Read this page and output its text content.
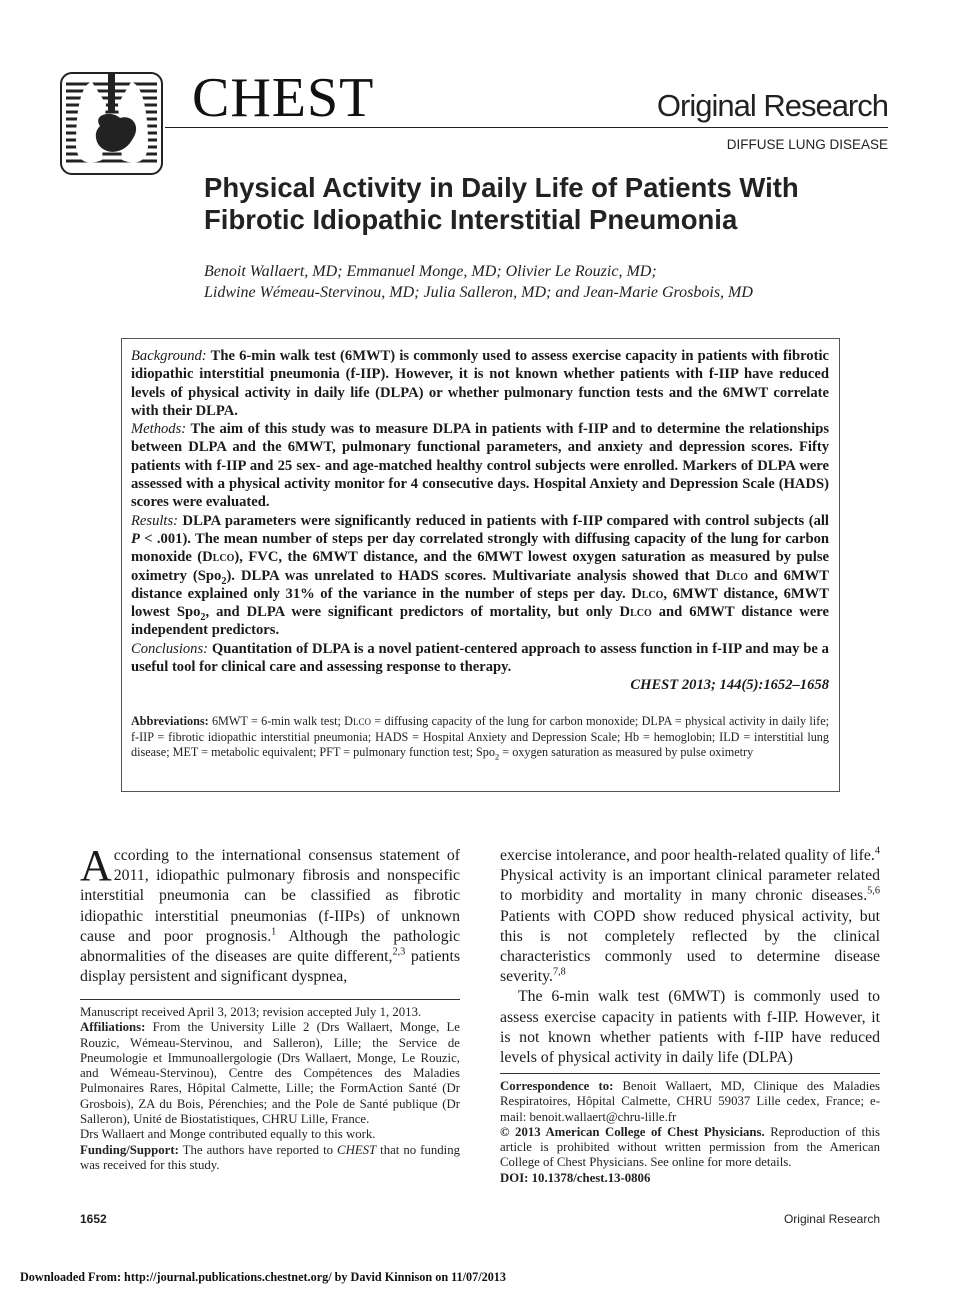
CHEST	Original Research
DIFFUSE LUNG DISEASE
Physical Activity in Daily Life of Patients With Fibrotic Idiopathic Interstitial Pneumonia
Benoit Wallaert, MD; Emmanuel Monge, MD; Olivier Le Rouzic, MD;
Lidwine Wémeau-Stervinou, MD; Julia Salleron, MD; and Jean-Marie Grosbois, MD

Background: The 6-min walk test (6MWT) is commonly used to assess exercise capacity in patients with fibrotic idiopathic interstitial pneumonia (f-IIP). However, it is not known whether patients with f-IIP have reduced levels of physical activity in daily life (DLPA) or whether pulmonary function tests and the 6MWT correlate with their DLPA.

Methods: The aim of this study was to measure DLPA in patients with f-IIP and to determine the relationships between DLPA and the 6MWT, pulmonary functional parameters, and anxiety and depression scores. Fifty patients with f-IIP and 25 sex- and age-matched healthy control subjects were enrolled. Markers of DLPA were assessed with a physical activity monitor for 4 consecutive days. Hospital Anxiety and Depression Scale (HADS) scores were evaluated.

Results: DLPA parameters were significantly reduced in patients with f-IIP compared with control subjects (all P < .001). The mean number of steps per day correlated strongly with diffusing capacity of the lung for carbon monoxide (Dlco), FVC, the 6MWT distance, and the 6MWT lowest oxygen saturation as measured by pulse oximetry (Spo$_2$). DLPA was unrelated to HADS scores. Multivariate analysis showed that Dlco and 6MWT distance explained only 31% of the variance in the number of steps per day. Dlco, 6MWT distance, 6MWT lowest Spo$_2$, and DLPA were significant predictors of mortality, but only Dlco and 6MWT distance were independent predictors.

Conclusions: Quantitation of DLPA is a novel patient-centered approach to assess function in f-IIP and may be a useful tool for clinical care and assessing response to therapy.

CHEST 2013; 144(5):1652–1658

Abbreviations: 6MWT = 6-min walk test; Dlco = diffusing capacity of the lung for carbon monoxide; DLPA = physical activity in daily life; f-IIP = fibrotic idiopathic interstitial pneumonia; HADS = Hospital Anxiety and Depression Scale; Hb = hemoglobin; ILD = interstitial lung disease; MET = metabolic equivalent; PFT = pulmonary function test; Spo$_2$ = oxygen saturation as measured by pulse oximetry

According to the international consensus statement of 2011, idiopathic pulmonary fibrosis and nonspecific interstitial pneumonia can be classified as fibrotic idiopathic interstitial pneumonias (f-IIPs) of unknown cause and poor prognosis.$^1$ Although the pathologic abnormalities of the diseases are quite different,$^{2,3}$ patients display persistent and significant dyspnea,

Manuscript received April 3, 2013; revision accepted July 1, 2013.

Affiliations: From the University Lille 2 (Drs Wallaert, Monge, Le Rouzic, Wémeau-Stervinou, and Salleron), Lille; the Service de Pneumologie et Immunoallergologie (Drs Wallaert, Monge, Le Rouzic, and Wémeau-Stervinou), Centre des Compétences des Maladies Pulmonaires Rares, Hôpital Calmette, Lille; the FormAction Santé (Dr Grosbois), ZA du Bois, Pérenchies; and the Pole de Santé publique (Dr Salleron), Unité de Biostatistiques, CHRU Lille, France.

Drs Wallaert and Monge contributed equally to this work.

Funding/Support: The authors have reported to CHEST that no funding was received for this study.

exercise intolerance, and poor health-related quality of life.$^4$ Physical activity is an important clinical parameter related to morbidity and mortality in many chronic diseases.$^{5,6}$ Patients with COPD show reduced physical activity, but this is not completely reflected by the clinical characteristics commonly used to determine disease severity.$^{7,8}$

The 6-min walk test (6MWT) is commonly used to assess exercise capacity in patients with f-IIP. However, it is not known whether patients with f-IIP have reduced levels of physical activity in daily life (DLPA)

Correspondence to: Benoit Wallaert, MD, Clinique des Maladies Respiratoires, Hôpital Calmette, CHRU 59037 Lille cedex, France; e-mail: benoit.wallaert@chru-lille.fr

© 2013 American College of Chest Physicians. Reproduction of this article is prohibited without written permission from the American College of Chest Physicians. See online for more details.

DOI: 10.1378/chest.13-0806

1652	Original Research
Downloaded From: http://journal.publications.chestnet.org/ by David Kinnison on 11/07/2013
